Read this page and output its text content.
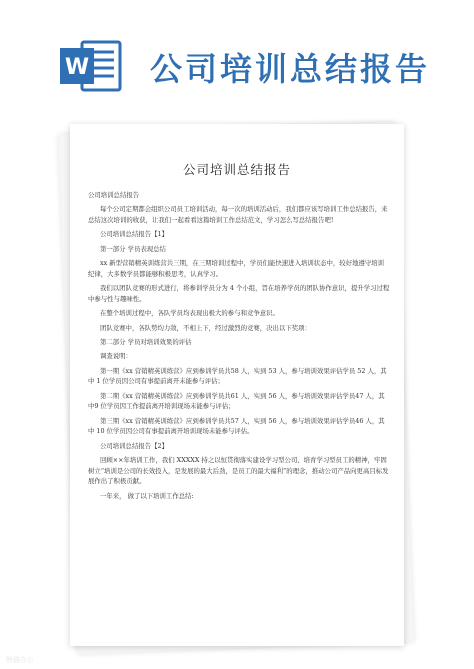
W 公司培训总结报告
公司培训总结报告

公司培训总结报告

每个公司定期都会组织公司员工培训活动，每一次的培训活动后，我们都应该写培训工作总结报告，来总结这次培训的收获，让我们一起看看这篇培训工作总结范文，学习怎么写总结报告吧!

公司培训总结报告【1】

第一部分 学员表现总结

xx 新型营销精英训练营共三期，在三期培训过程中，学员们能快速进入培训状态中，较好地遵守培训纪律，大多数学员都能够积极思考，认真学习。

我们以团队竞赛的形式进行，将参训学员分为 4 个小组，旨在培养学员的团队协作意识，提升学习过程中参与性与趣味性。

在整个培训过程中，各队学员均表现出极大的参与和竞争意识。

团队竞赛中，各队势均力敌，不相上下，经过激烈的竞赛，决出以下奖项：

第二部分 学员对培训效果的评估

调查说明：

第一期《xx 营销精英训练营》应到参训学员共58 人，实到 53 人，参与培训效果评估学员 52 人，其中 1 位学员因公司有事提前离开未能参与评估；

第二期《xx 营销精英训练营》应到参训学员共61 人，实到 56 人，参与培训效果评估学员47 人，其中9 位学员因工作提前离开培训现场未能参与评估；

第三期《xx 营销精英训练营》应到参训学员共57 人，实到 56 人，参与培训效果评估学员46 人，其中 10 位学员因公司有事提前离开培训现场未能参与评估。

公司培训总结报告【2】

回顾××年培训工作，我们 XXXXX 持之以恒贯彻落实建设学习型公司、培育学习型员工的精神，牢固树立“培训是公司的长效投入，是发展的最大后劲，是员工的最大福利”的理念，推动公司产品向更高目标发展作出了积极贡献。

一年来， 做了以下培训工作总结:

熊猫办公
